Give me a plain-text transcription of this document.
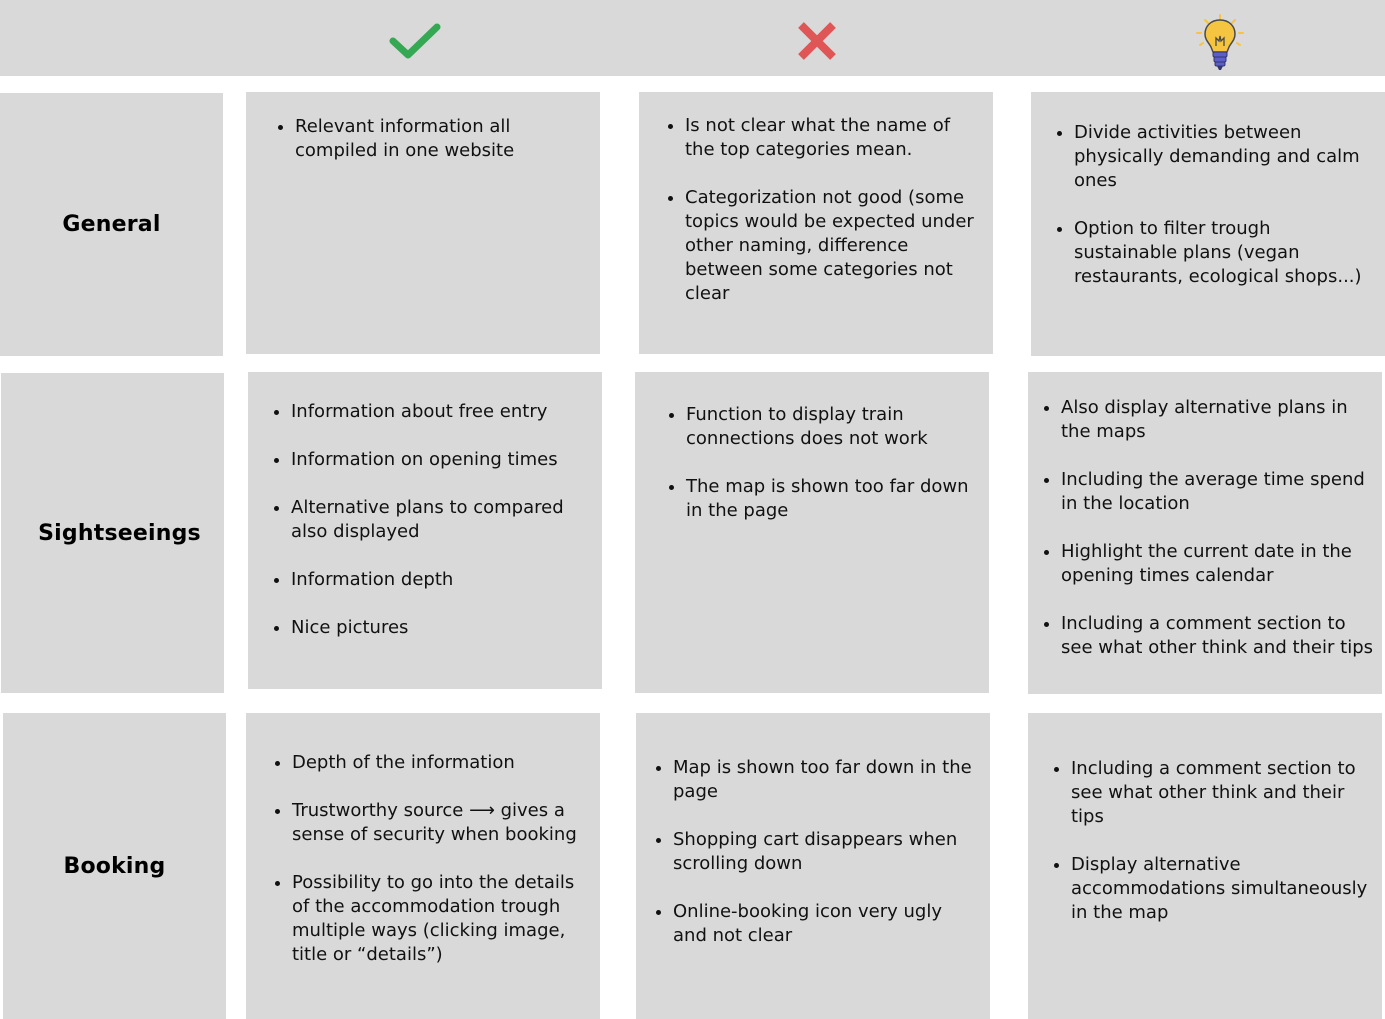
General
• Relevant information all compiled in one website
• Is not clear what the name of the top categories mean.
• Categorization not good (some topics would be expected under other naming, difference between some categories not clear
• Divide activities between physically demanding and calm ones
• Option to filter trough sustainable plans (vegan restaurants, ecological shops...)
Sightseeings
• Information about free entry
• Information on opening times
• Alternative plans to compared also displayed
• Information depth
• Nice pictures
• Function to display train connections does not work
• The map is shown too far down in the page
• Also display alternative plans in the maps
• Including the average time spend in the location
• Highlight the current date in the opening times calendar
• Including a comment section to see what other think and their tips
Booking
• Depth of the information
• Trustworthy source ⟶ gives a sense of security when booking
• Possibility to go into the details of the accommodation trough multiple ways (clicking image, title or “details”)
• Map is shown too far down in the page
• Shopping cart disappears when scrolling down
• Online-booking icon very ugly and not clear
• Including a comment section to see what other think and their tips
• Display alternative accommodations simultaneously in the map
